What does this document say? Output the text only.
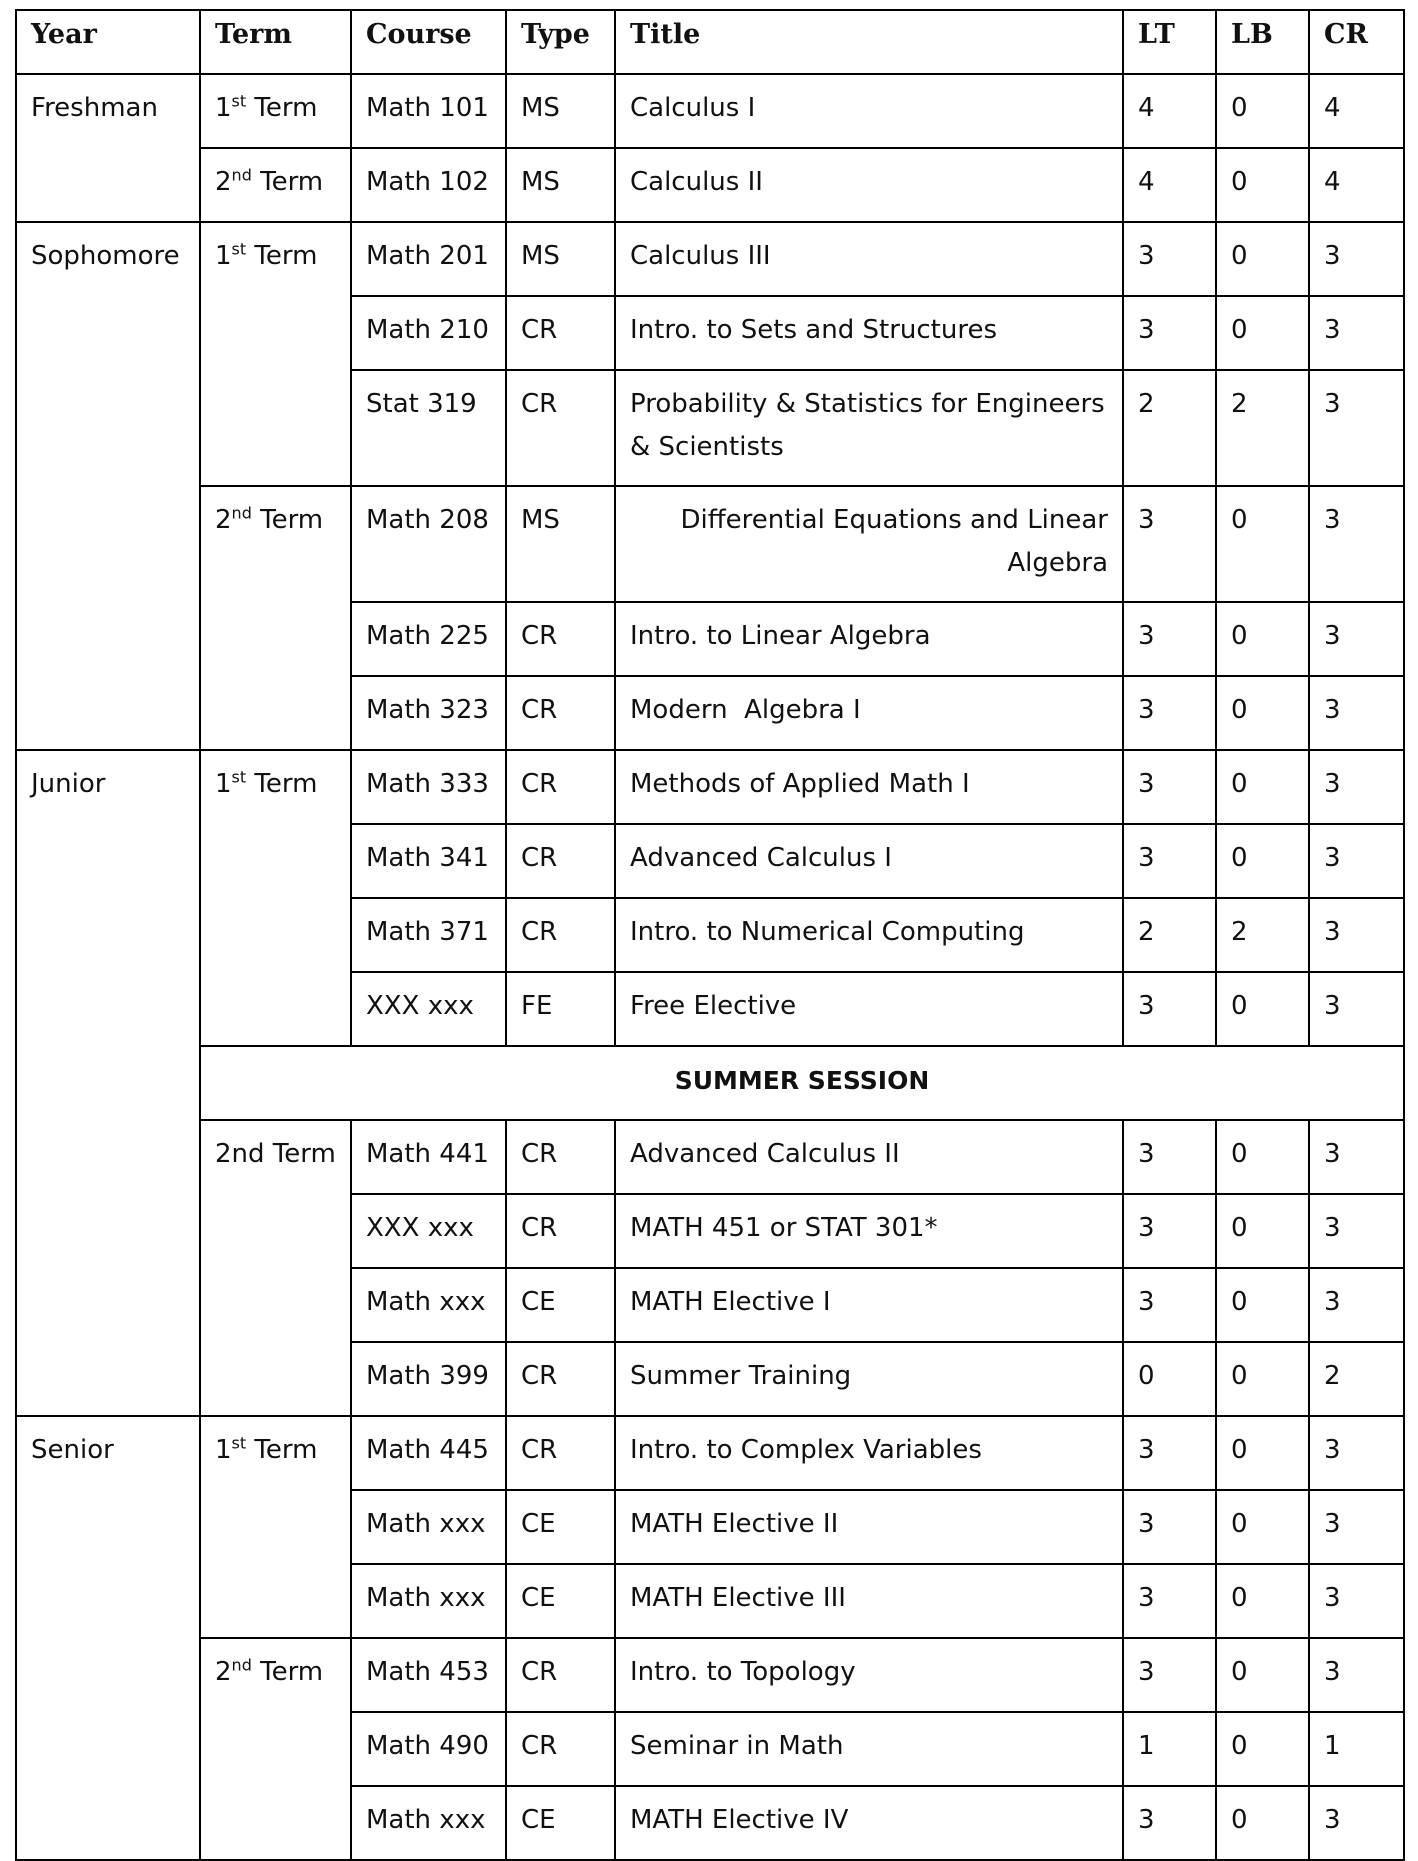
Year	Term	Course	Type	Title	LT	LB	CR
Freshman	1st Term	Math 101	MS	Calculus I	4	0	4
	2nd Term	Math 102	MS	Calculus II	4	0	4
Sophomore	1st Term	Math 201	MS	Calculus III	3	0	3
		Math 210	CR	Intro. to Sets and Structures	3	0	3
		Stat 319	CR	Probability & Statistics for Engineers & Scientists	2	2	3
	2nd Term	Math 208	MS	Differential Equations and Linear Algebra	3	0	3
		Math 225	CR	Intro. to Linear Algebra	3	0	3
		Math 323	CR	Modern  Algebra I	3	0	3
Junior	1st Term	Math 333	CR	Methods of Applied Math I	3	0	3
		Math 341	CR	Advanced Calculus I	3	0	3
		Math 371	CR	Intro. to Numerical Computing	2	2	3
		XXX xxx	FE	Free Elective	3	0	3
	SUMMER SESSION						
	2nd Term	Math 441	CR	Advanced Calculus II	3	0	3
		XXX xxx	CR	MATH 451 or STAT 301*	3	0	3
		Math xxx	CE	MATH Elective I	3	0	3
		Math 399	CR	Summer Training	0	0	2
Senior	1st Term	Math 445	CR	Intro. to Complex Variables	3	0	3
		Math xxx	CE	MATH Elective II	3	0	3
		Math xxx	CE	MATH Elective III	3	0	3
	2nd Term	Math 453	CR	Intro. to Topology	3	0	3
		Math 490	CR	Seminar in Math	1	0	1
		Math xxx	CE	MATH Elective IV	3	0	3
